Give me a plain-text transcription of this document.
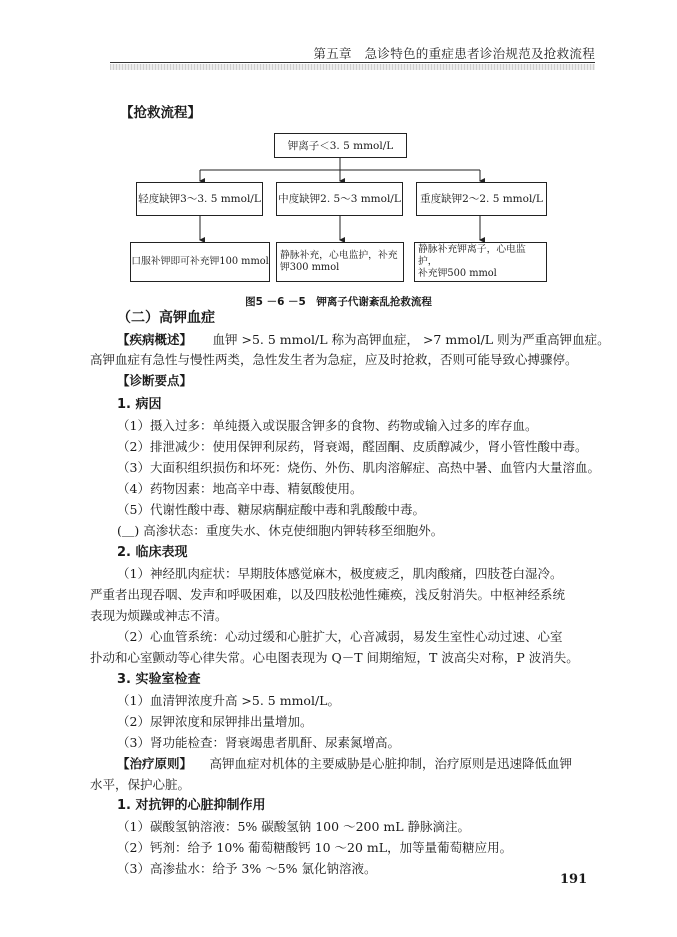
第五章　急诊特色的重症患者诊治规范及抢救流程
【抢救流程】
钾离子＜3. 5 mmol/L
轻度缺钾3～3. 5 mmol/L 中度缺钾2. 5～3 mmol/L	重度缺钾2～2. 5 mmol/L
口服补钾即可补充钾100 mmol
静脉补充，心电监护，补充
钾300 mmol
静脉补充钾离子，心电监护，
补充钾500 mmol
图5 －6 －5　钾离子代谢紊乱抢救流程
（二）高钾血症
【疾病概述】 　血钾 >5. 5 mmol/L 称为高钾血症， >7 mmol/L 则为严重高钾血症。
高钾血症有急性与慢性两类，急性发生者为急症，应及时抢救，否则可能导致心搏骤停。
【诊断要点】
1. 病因
（1）摄入过多：单纯摄入或误服含钾多的食物、药物或输入过多的库存血。
（2）排泄减少：使用保钾利尿药，肾衰竭，醛固酮、皮质醇减少，肾小管性酸中毒。
（3）大面积组织损伤和坏死：烧伤、外伤、肌肉溶解症、高热中暑、血管内大量溶血。
（4）药物因素：地高辛中毒、精氨酸使用。
（5）代谢性酸中毒、糖尿病酮症酸中毒和乳酸酸中毒。
(＿) 高渗状态：重度失水、休克使细胞内钾转移至细胞外。
2. 临床表现
（1）神经肌肉症状：早期肢体感觉麻木，极度疲乏，肌肉酸痛，四肢苍白湿冷。
严重者出现吞咽、发声和呼吸困难，以及四肢松弛性瘫痪，浅反射消失。中枢神经系统
表现为烦躁或神志不清。
（2）心血管系统：心动过缓和心脏扩大，心音减弱，易发生室性心动过速、心室
扑动和心室颤动等心律失常。心电图表现为 Q－T 间期缩短，T 波高尖对称，P 波消失。
3. 实验室检查
（1）血清钾浓度升高 >5. 5 mmol/L。
（2）尿钾浓度和尿钾排出量增加。
（3）肾功能检查：肾衰竭患者肌酐、尿素氮增高。
【治疗原则】 　高钾血症对机体的主要威胁是心脏抑制，治疗原则是迅速降低血钾
水平，保护心脏。
1. 对抗钾的心脏抑制作用
（1）碳酸氢钠溶液：5% 碳酸氢钠 100 ～200 mL 静脉滴注。
（2）钙剂：给予 10% 葡萄糖酸钙 10 ～20 mL，加等量葡萄糖应用。
（3）高渗盐水：给予 3% ～5% 氯化钠溶液。
191
